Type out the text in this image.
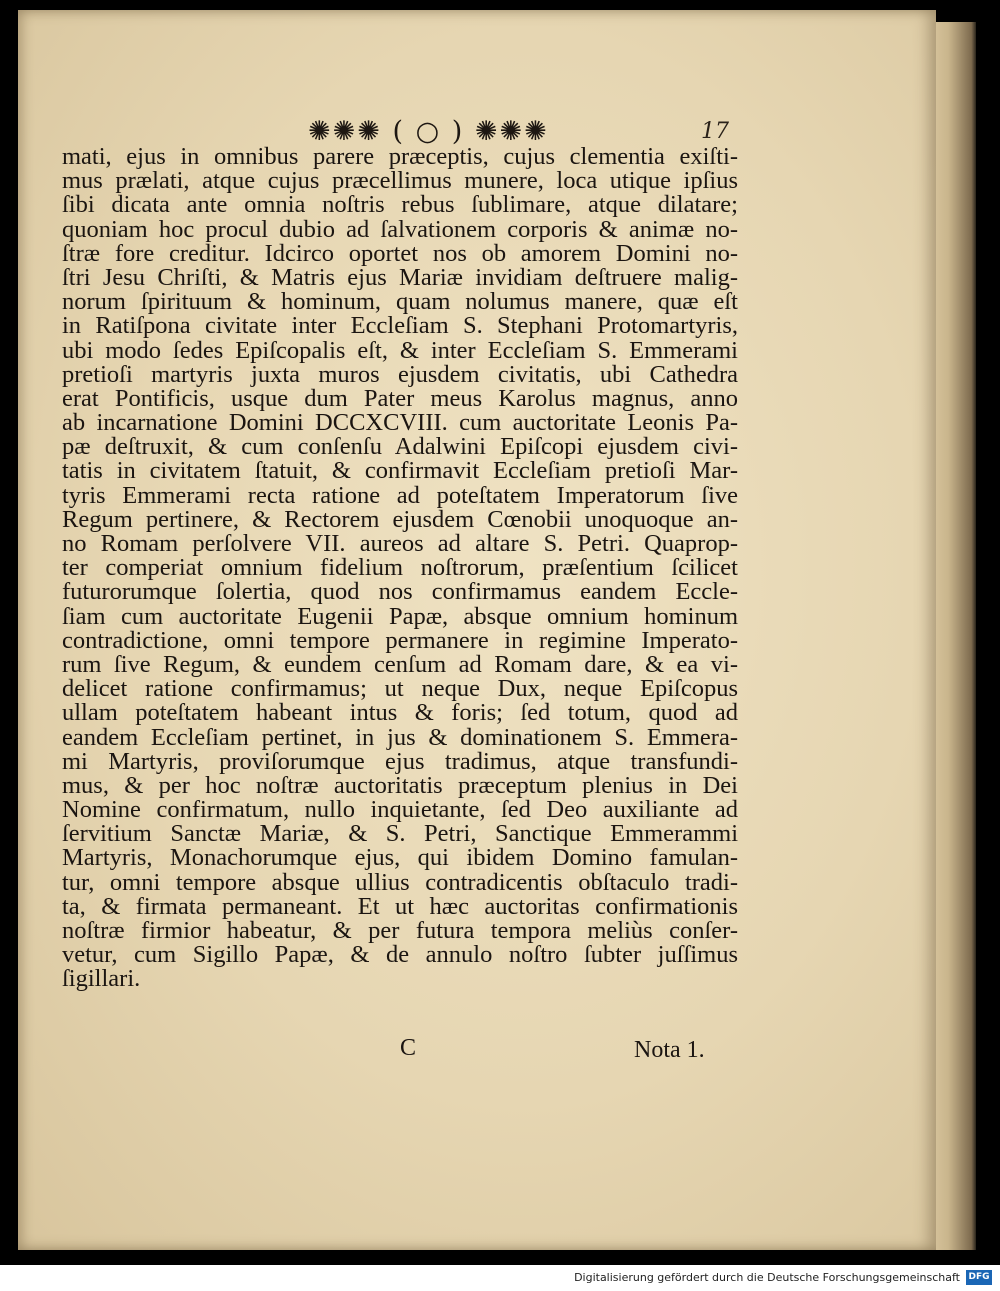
✺✺✺ ( ○ ) ✺✺✺	17
mati, ejus in omnibus parere præceptis, cujus clementia exiſti-
mus prælati, atque cujus præcellimus munere, loca utique ipſius
ſibi dicata ante omnia noſtris rebus ſublimare, atque dilatare;
quoniam hoc procul dubio ad ſalvationem corporis & animæ no-
ſtræ fore creditur. Idcirco oportet nos ob amorem Domini no-
ſtri Jesu Chriſti, & Matris ejus Mariæ invidiam deſtruere malig-
norum ſpirituum & hominum, quam nolumus manere, quæ eſt
in Ratiſpona civitate inter Eccleſiam S. Stephani Protomartyris,
ubi modo ſedes Epiſcopalis eſt, & inter Eccleſiam S. Emmerami
pretioſi martyris juxta muros ejusdem civitatis, ubi Cathedra
erat Pontificis, usque dum Pater meus Karolus magnus, anno
ab incarnatione Domini DCCXCVIII. cum auctoritate Leonis Pa-
pæ deſtruxit, & cum conſenſu Adalwini Epiſcopi ejusdem civi-
tatis in civitatem ſtatuit, & confirmavit Eccleſiam pretioſi Mar-
tyris Emmerami recta ratione ad poteſtatem Imperatorum ſive
Regum pertinere, & Rectorem ejusdem Cœnobii unoquoque an-
no Romam perſolvere VII. aureos ad altare S. Petri. Quaprop-
ter comperiat omnium fidelium noſtrorum, præſentium ſcilicet
futurorumque ſolertia, quod nos confirmamus eandem Eccle-
ſiam cum auctoritate Eugenii Papæ, absque omnium hominum
contradictione, omni tempore permanere in regimine Imperato-
rum ſive Regum, & eundem cenſum ad Romam dare, & ea vi-
delicet ratione confirmamus; ut neque Dux, neque Epiſcopus
ullam poteſtatem habeant intus & foris; ſed totum, quod ad
eandem Eccleſiam pertinet, in jus & dominationem S. Emmera-
mi Martyris, proviſorumque ejus tradimus, atque transfundi-
mus, & per hoc noſtræ auctoritatis præceptum plenius in Dei
Nomine confirmatum, nullo inquietante, ſed Deo auxiliante ad
ſervitium Sanctæ Mariæ, & S. Petri, Sanctique Emmerammi
Martyris, Monachorumque ejus, qui ibidem Domino famulan-
tur, omni tempore absque ullius contradicentis obſtaculo tradi-
ta, & firmata permaneant. Et ut hæc auctoritas confirmationis
noſtræ firmior habeatur, & per futura tempora meliùs conſer-
vetur, cum Sigillo Papæ, & de annulo noſtro ſubter juſſimus
ſigillari.
C	Nota 1.
Digitalisierung gefördert durch die Deutsche Forschungsgemeinschaft DFG
